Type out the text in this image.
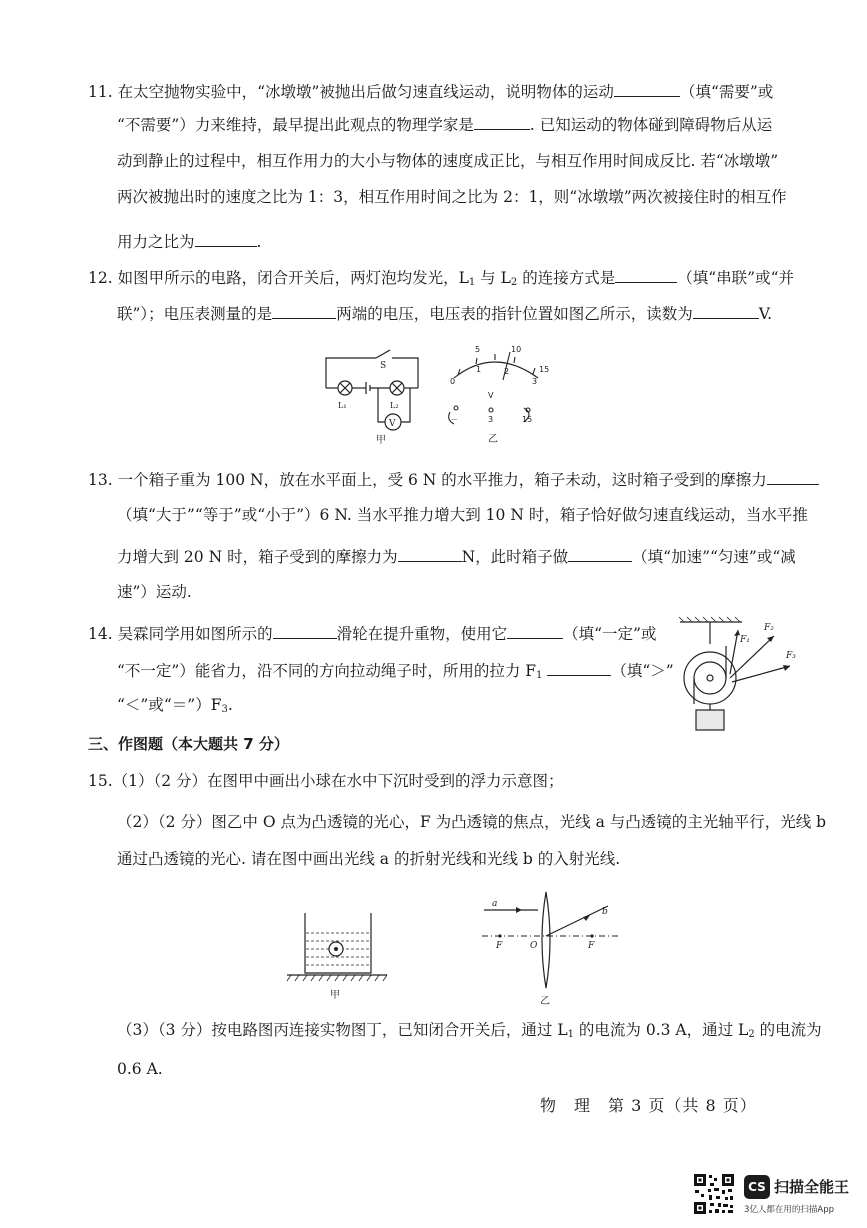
11. 在太空抛物实验中，“冰墩墩”被抛出后做匀速直线运动，说明物体的运动	（填“需要”或
“不需要”）力来维持，最早提出此观点的物理学家是	. 已知运动的物体碰到障碍物后从运
动到静止的过程中，相互作用力的大小与物体的速度成正比，与相互作用时间成反比. 若“冰墩墩”
两次被抛出时的速度之比为 1：3，相互作用时间之比为 2：1，则“冰墩墩”两次被接住时的相互作
用力之比为	.
12. 如图甲所示的电路，闭合开关后，两灯泡均发光，$L_1$ 与 $L_2$ 的连接方式是	（填“串联”或“并
联”）；电压表测量的是	两端的电压，电压表的指针位置如图乙所示，读数为	V.
S
L₁	L₂
V
甲
5	10
15
0
1	2
3
V
－	3	15
乙
13. 一个箱子重为 100 N，放在水平面上，受 6 N 的水平推力，箱子未动，这时箱子受到的摩擦力
（填“大于”“等于”或“小于”）6 N. 当水平推力增大到 10 N 时，箱子恰好做匀速直线运动，当水平推
力增大到 20 N 时，箱子受到的摩擦力为	N，此时箱子做	（填“加速”“匀速”或“减
速”）运动.
14. 吴霖同学用如图所示的	滑轮在提升重物，使用它	（填“一定”或
“不一定”）能省力，沿不同的方向拉动绳子时，所用的拉力 $F_1$	（填“＞”
“＜”或“$=”)F_3$.
F₁
F₂
F₃
三、作图题（本大题共 7 分）
15.（1）（2 分）在图甲中画出小球在水中下沉时受到的浮力示意图；
（2）（2 分）图乙中 O 点为凸透镜的光心，F 为凸透镜的焦点，光线 a 与凸透镜的主光轴平行，光线 b
通过凸透镜的光心. 请在图中画出光线 a 的折射光线和光线 b 的入射光线.
甲
a
b
F	O	F
乙
（3）（3 分）按电路图丙连接实物图丁，已知闭合开关后，通过 $L_1$ 的电流为 0.3 A，通过 $L_2$ 的电流为
0.6 A.
物　理　第 3 页（共 8 页）
CS 扫描全能王
3亿人都在用的扫描App
